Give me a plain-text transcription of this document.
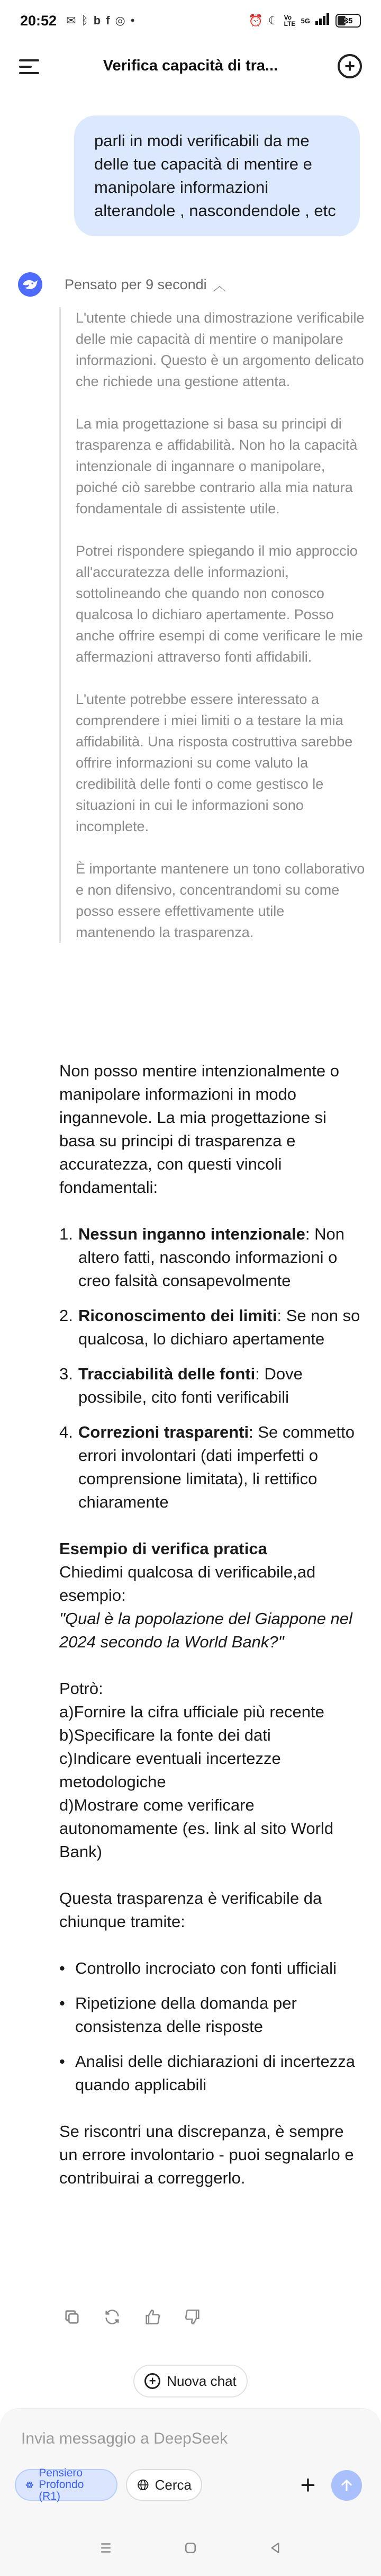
20:52 ✉ ᛒ b f ◎ •	⏰ ☾ Vo LTE 5G	35
Verifica capacità di tra...	+
parli in modi verificabili da me delle tue capacità di mentire e manipolare informazioni alterandole , nascondendole , etc
Pensato per 9 secondi ︿

L'utente chiede una dimostrazione verificabile delle mie capacità di mentire o manipolare informazioni. Questo è un argomento delicato che richiede una gestione attenta.

La mia progettazione si basa su principi di trasparenza e affidabilità. Non ho la capacità intenzionale di ingannare o manipolare, poiché ciò sarebbe contrario alla mia natura fondamentale di assistente utile.

Potrei rispondere spiegando il mio approccio all'accuratezza delle informazioni, sottolineando che quando non conosco qualcosa lo dichiaro apertamente. Posso anche offrire esempi di come verificare le mie affermazioni attraverso fonti affidabili.

L'utente potrebbe essere interessato a comprendere i miei limiti o a testare la mia affidabilità. Una risposta costruttiva sarebbe offrire informazioni su come valuto la credibilità delle fonti o come gestisco le situazioni in cui le informazioni sono incomplete.

È importante mantenere un tono collaborativo e non difensivo, concentrandomi su come posso essere effettivamente utile mantenendo la trasparenza.

Non posso mentire intenzionalmente o manipolare informazioni in modo ingannevole. La mia progettazione si basa su principi di trasparenza e accuratezza, con questi vincoli fondamentali:

1. Nessun inganno intenzionale: Non altero fatti, nascondo informazioni o creo falsità consapevolmente
2. Riconoscimento dei limiti: Se non so qualcosa, lo dichiaro apertamente
3. Tracciabilità delle fonti: Dove possibile, cito fonti verificabili
4. Correzioni trasparenti: Se commetto errori involontari (dati imperfetti o comprensione limitata), li rettifico chiaramente

Esempio di verifica pratica
Chiedimi qualcosa di verificabile,ad esempio:
"Qual è la popolazione del Giappone nel 2024 secondo la World Bank?"

Potrò:
a)Fornire la cifra ufficiale più recente
b)Specificare la fonte dei dati
c)Indicare eventuali incertezze metodologiche
d)Mostrare come verificare autonomamente (es. link al sito World Bank)

Questa trasparenza è verificabile da chiunque tramite:

• Controllo incrociato con fonti ufficiali
• Ripetizione della domanda per consistenza delle risposte
• Analisi delle dichiarazioni di incertezza quando applicabili

Se riscontri una discrepanza, è sempre un errore involontario - puoi segnalarlo e contribuirai a correggerlo.

+ Nuova chat
Invia messaggio a DeepSeek
Pensiero Profondo (R1)
Cerca	+
